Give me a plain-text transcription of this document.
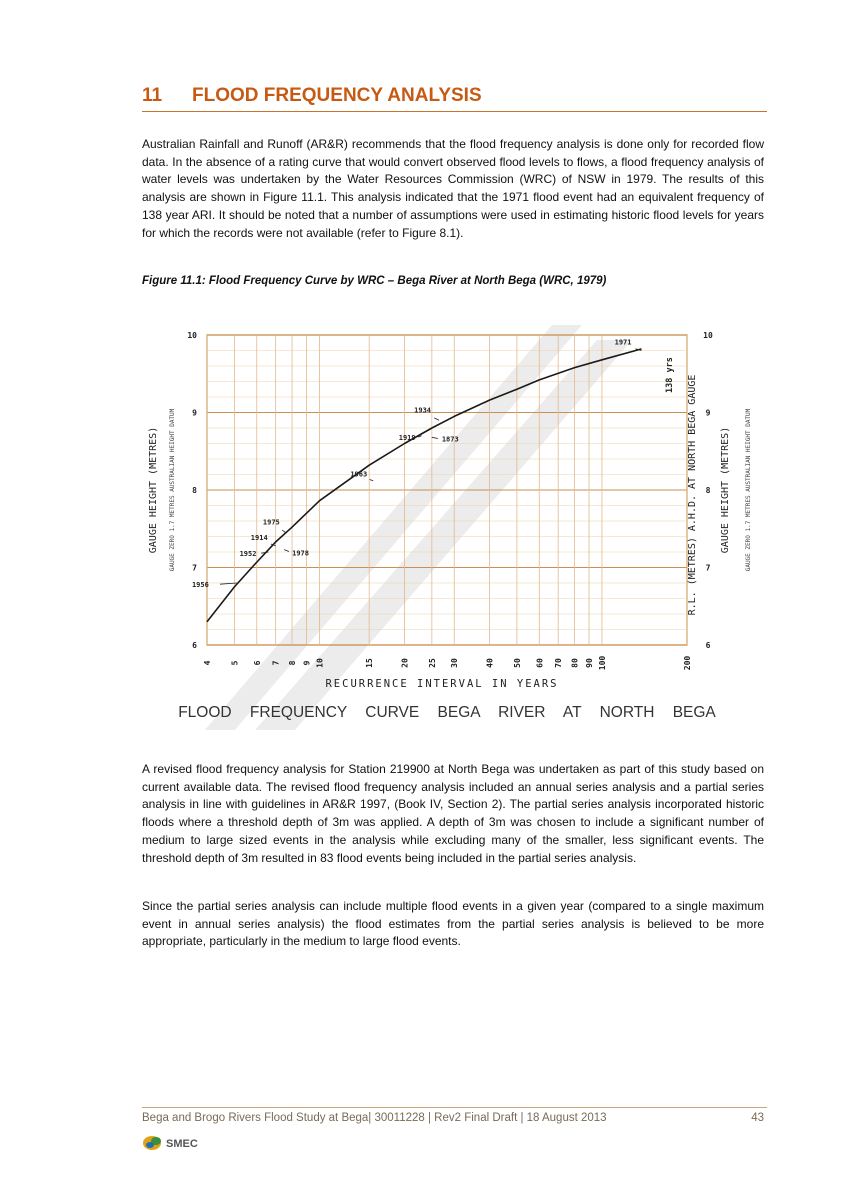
11 FLOOD FREQUENCY ANALYSIS

Australian Rainfall and Runoff (AR&R) recommends that the flood frequency analysis is done only for recorded flow data. In the absence of a rating curve that would convert observed flood levels to flows, a flood frequency analysis of water levels was undertaken by the Water Resources Commission (WRC) of NSW in 1979. The results of this analysis are shown in Figure 11.1. This analysis indicated that the 1971 flood event had an equivalent frequency of 138 year ARI. It should be noted that a number of assumptions were used in estimating historic flood levels for years for which the records were not available (refer to Figure 8.1).

Figure 11.1: Flood Frequency Curve by WRC – Bega River at North Bega (WRC, 1979)
1956
1952
1914
1978
1975
1963
1919	1873
1934
1971
4 5 6 7 8 9 10	15	20 25 30	40 50 60 70 80 90 100	200
6	6
7	7
8	8
9	9
10	10
RECURRENCE INTERVAL IN YEARS
FLOOD FREQUENCY CURVE BEGA RIVER AT NORTH BEGA
GAUGE HEIGHT (METRES) GAUGE ZERO 1.7 METRES AUSTRALIAN HEIGHT DATUM	R.L. (METRES) A.H.D. AT NORTH BEGA GAUGE GAUGE HEIGHT (METRES) GAUGE ZERO 1.7 METRES AUSTRALIAN HEIGHT DATUM
138 yrs

A revised flood frequency analysis for Station 219900 at North Bega was undertaken as part of this study based on current available data. The revised flood frequency analysis included an annual series analysis and a partial series analysis in line with guidelines in AR&R 1997, (Book IV, Section 2). The partial series analysis incorporated historic floods where a threshold depth of 3m was applied. A depth of 3m was chosen to include a significant number of medium to large sized events in the analysis while excluding many of the smaller, less significant events. The threshold depth of 3m resulted in 83 flood events being included in the partial series analysis.

Since the partial series analysis can include multiple flood events in a given year (compared to a single maximum event in annual series analysis) the flood estimates from the partial series analysis is believed to be more appropriate, particularly in the medium to large flood events.

Bega and Brogo Rivers Flood Study at Bega| 30011228 | Rev2 Final Draft | 18 August 2013	43
SMEC
